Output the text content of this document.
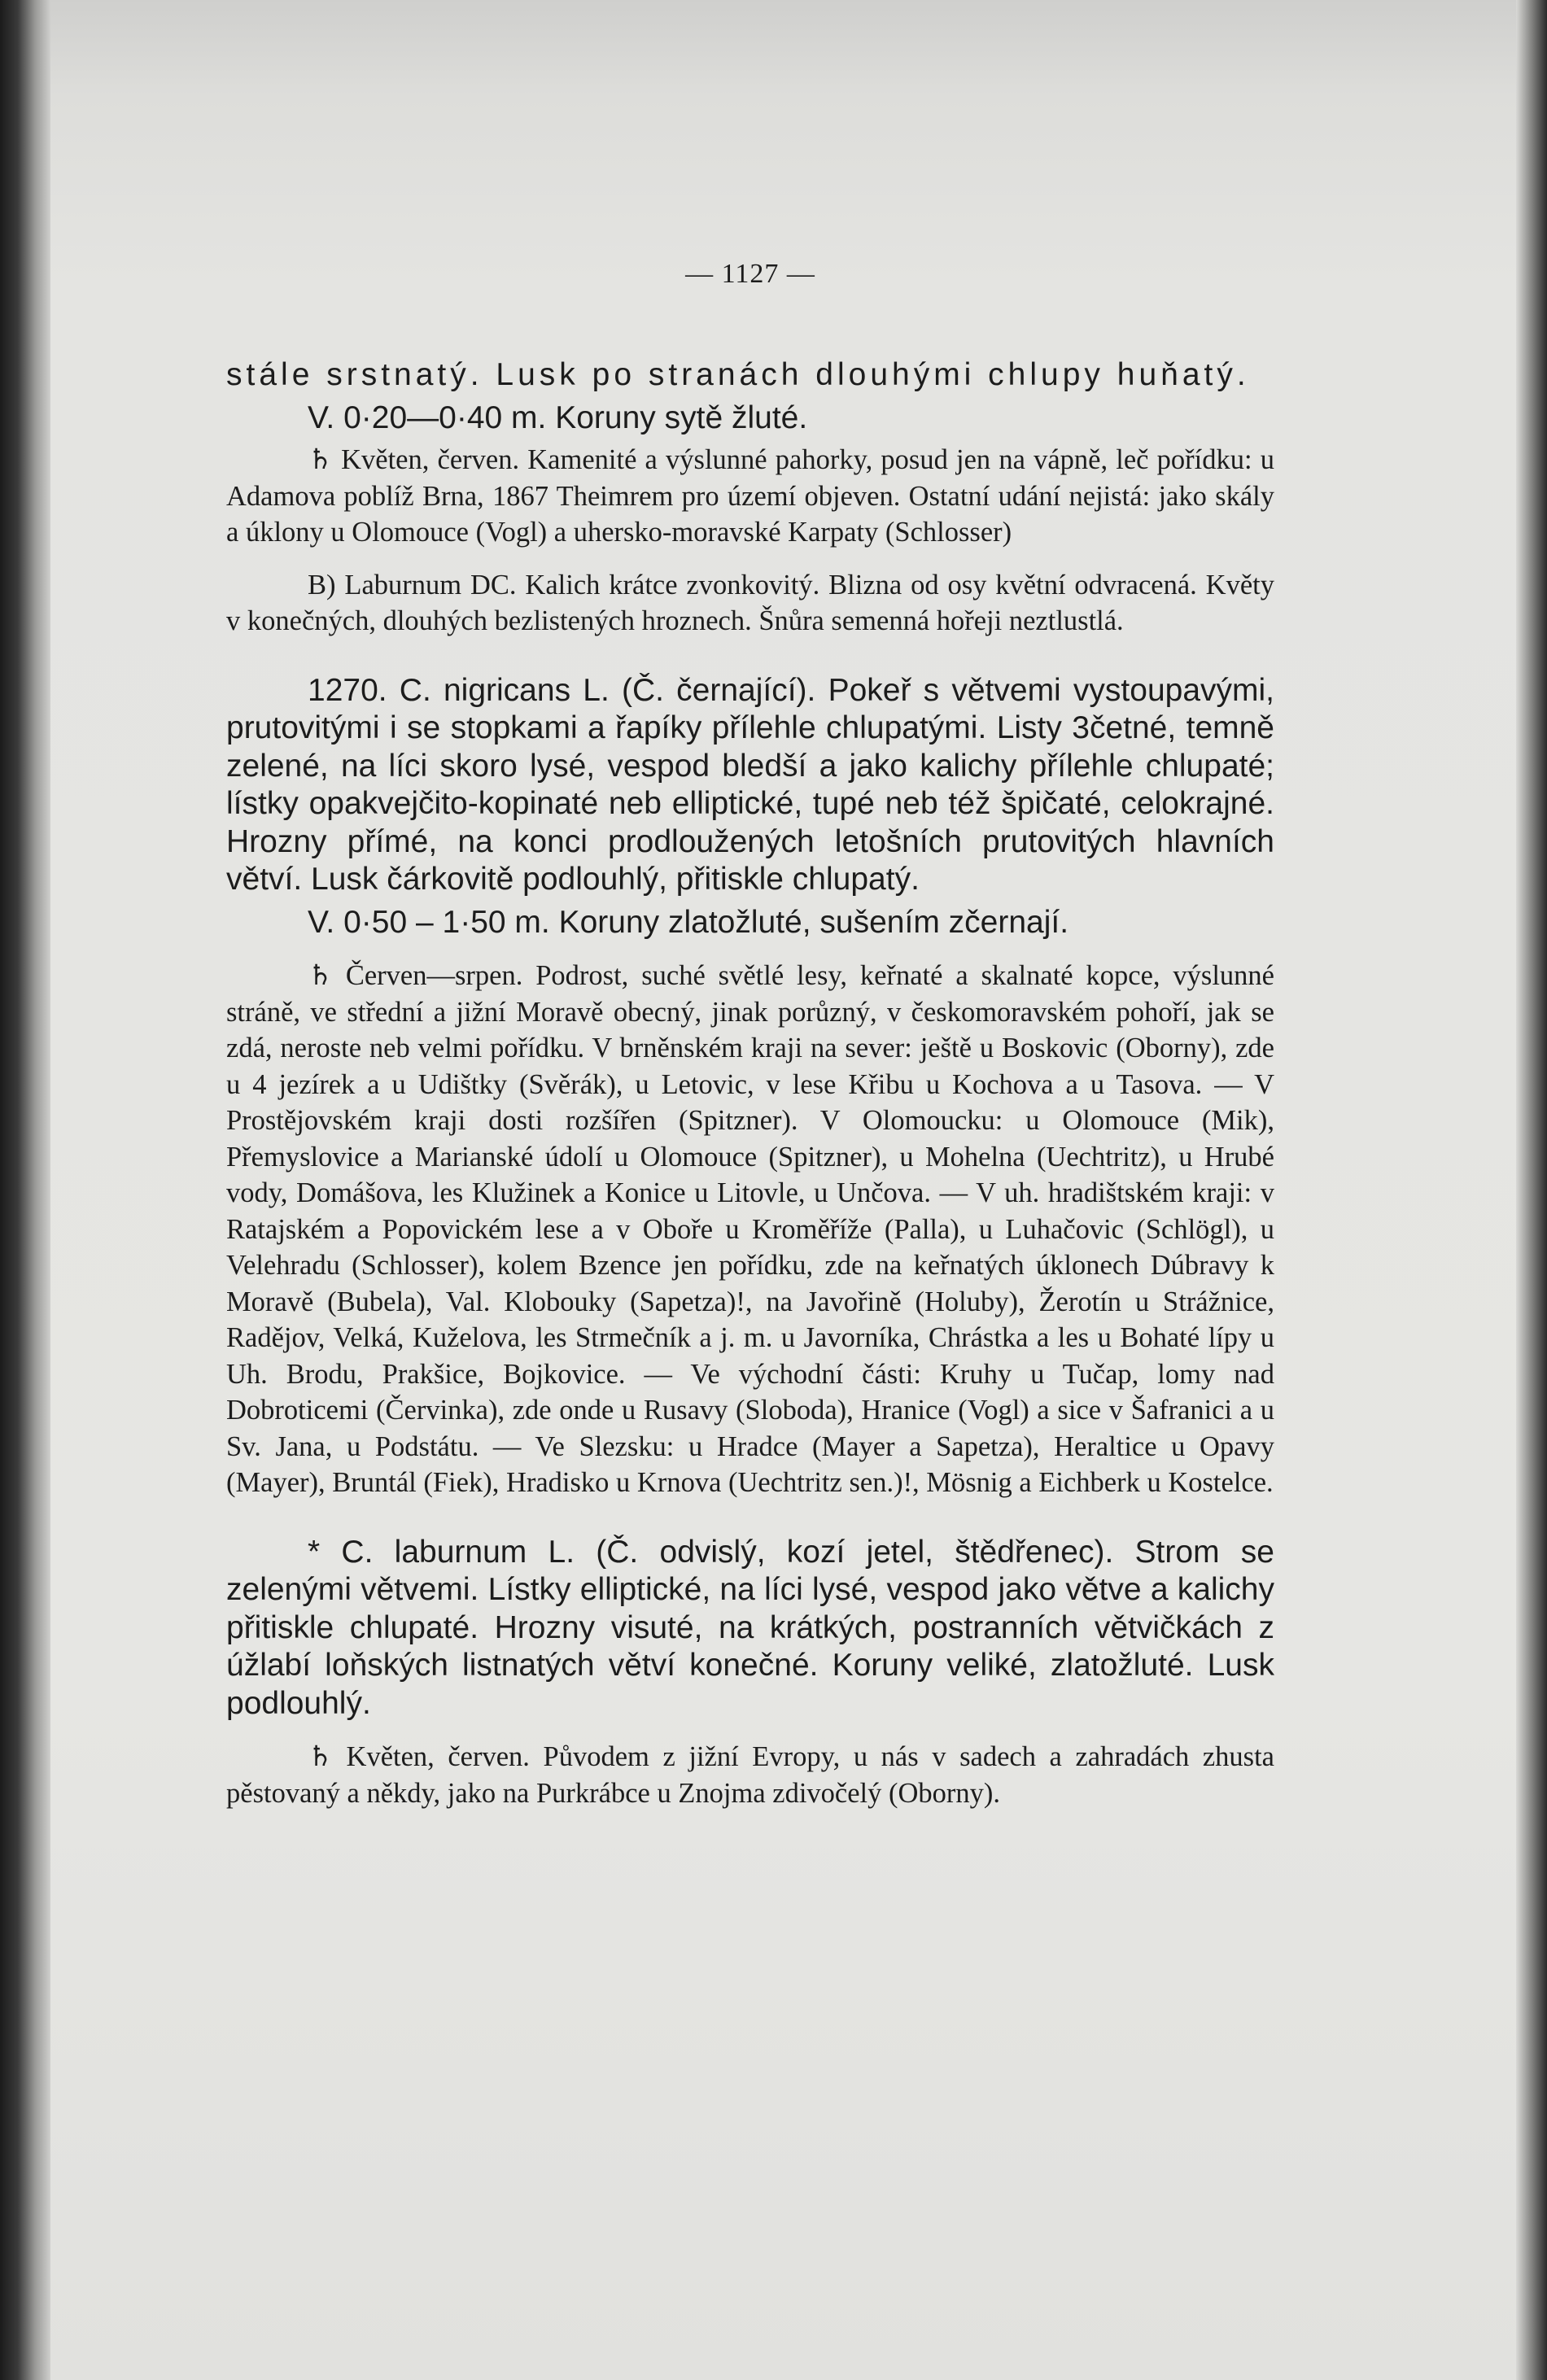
— 1127 —

stále srstnatý. Lusk po stranách dlouhými chlupy huňatý.

V. 0·20—0·40 m. Koruny sytě žluté.

♄ Květen, červen. Kamenité a výslunné pahorky, posud jen na vápně, leč pořídku: u Adamova poblíž Brna, 1867 Theimrem pro území objeven. Ostatní udání nejistá: jako skály a úklony u Olomouce (Vogl) a uhersko-moravské Karpaty (Schlosser)

B) Laburnum DC. Kalich krátce zvonkovitý. Blizna od osy květní odvracená. Květy v konečných, dlouhých bezlistených hroznech. Šnůra semenná hořeji neztlustlá.

1270. C. nigricans L. (Č. černající). Pokeř s větvemi vystoupavými, prutovitými i se stopkami a řapíky přílehle chlupatými. Listy 3četné, temně zelené, na líci skoro lysé, vespod bledší a jako kalichy přílehle chlupaté; lístky opakvejčito-kopinaté neb elliptické, tupé neb též špičaté, celokrajné. Hrozny přímé, na konci prodloužených letošních prutovitých hlavních větví. Lusk čárkovitě podlouhlý, přitiskle chlupatý.

V. 0·50 – 1·50 m. Koruny zlatožluté, sušením zčernají.

♄ Červen—srpen. Podrost, suché světlé lesy, keřnaté a skalnaté kopce, výslunné stráně, ve střední a jižní Moravě obecný, jinak porůzný, v českomoravském pohoří, jak se zdá, neroste neb velmi pořídku. V brněnském kraji na sever: ještě u Boskovic (Oborny), zde u 4 jezírek a u Udištky (Svěrák), u Letovic, v lese Křibu u Kochova a u Tasova. — V Prostějovském kraji dosti rozšířen (Spitzner). V Olomoucku: u Olomouce (Mik), Přemyslovice a Marianské údolí u Olomouce (Spitzner), u Mohelna (Uechtritz), u Hrubé vody, Domášova, les Klužinek a Konice u Litovle, u Unčova. — V uh. hradištském kraji: v Ratajském a Popovickém lese a v Oboře u Kroměříže (Palla), u Luhačovic (Schlögl), u Velehradu (Schlosser), kolem Bzence jen pořídku, zde na keřnatých úklonech Dúbravy k Moravě (Bubela), Val. Klobouky (Sapetza)!, na Javořině (Holuby), Žerotín u Strážnice, Radějov, Velká, Kuželova, les Strmečník a j. m. u Javorníka, Chrástka a les u Bohaté lípy u Uh. Brodu, Prakšice, Bojkovice. — Ve východní části: Kruhy u Tučap, lomy nad Dobroticemi (Červinka), zde onde u Rusavy (Sloboda), Hranice (Vogl) a sice v Šafranici a u Sv. Jana, u Podstátu. — Ve Slezsku: u Hradce (Mayer a Sapetza), Heraltice u Opavy (Mayer), Bruntál (Fiek), Hradisko u Krnova (Uechtritz sen.)!, Mösnig a Eichberk u Kostelce.

* C. laburnum L. (Č. odvislý, kozí jetel, štědřenec). Strom se zelenými větvemi. Lístky elliptické, na líci lysé, vespod jako větve a kalichy přitiskle chlupaté. Hrozny visuté, na krátkých, postranních větvičkách z úžlabí loňských listnatých větví konečné. Koruny veliké, zlatožluté. Lusk podlouhlý.

♄ Květen, červen. Původem z jižní Evropy, u nás v sadech a zahradách zhusta pěstovaný a někdy, jako na Purkrábce u Znojma zdivočelý (Oborny).
